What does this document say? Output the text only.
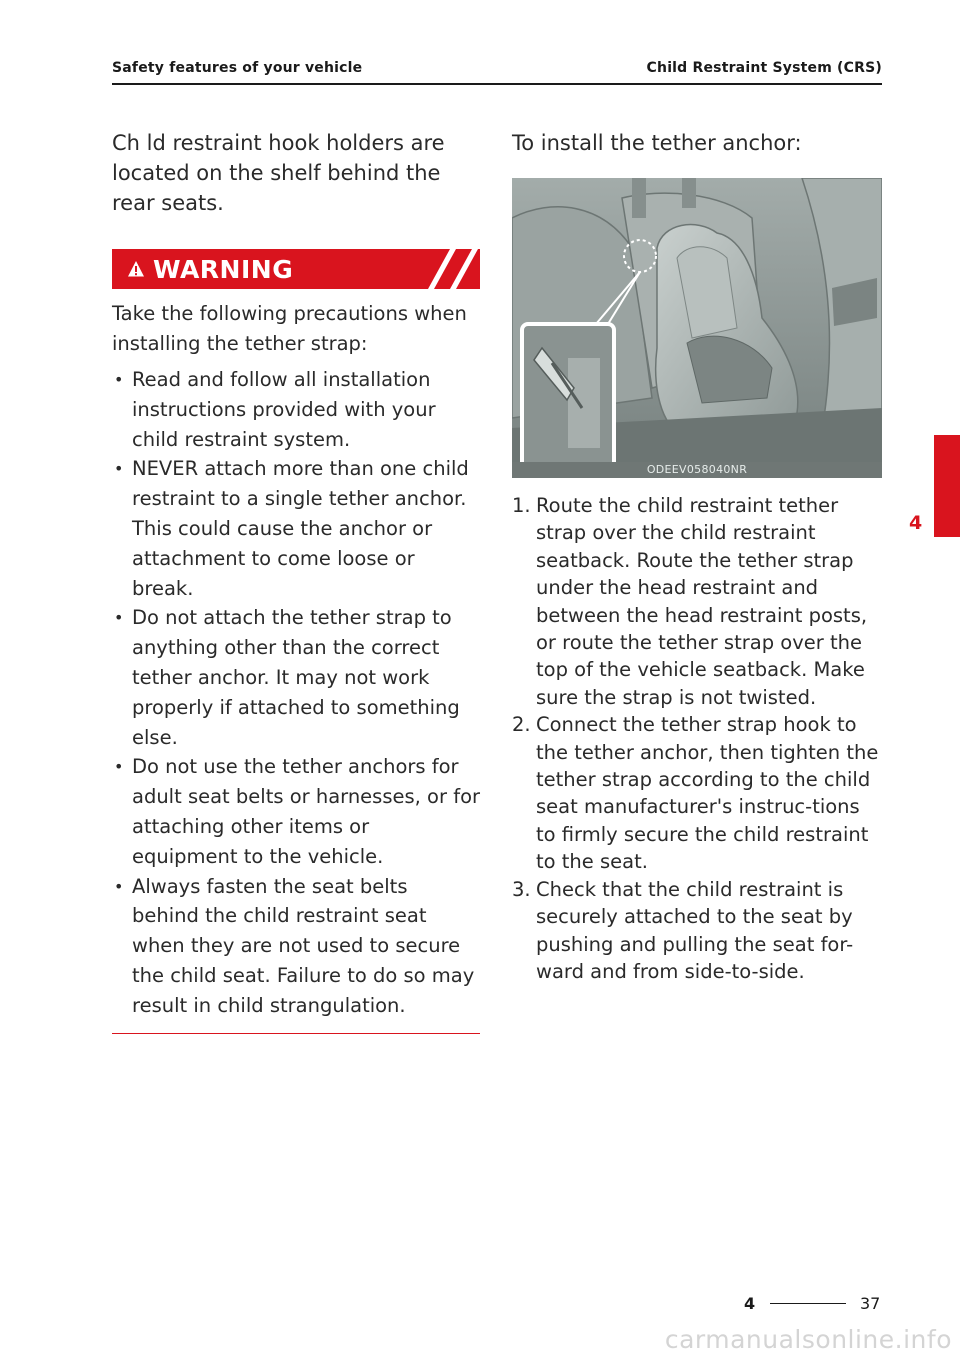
Safety features of your vehicle	Child Restraint System (CRS)

Ch ld restraint hook holders are located on the shelf behind the rear seats.

WARNING

Take the following precautions when installing the tether strap:

• Read and follow all installation instructions provided with your child restraint system.
• NEVER attach more than one child restraint to a single tether anchor. This could cause the anchor or attachment to come loose or break.
• Do not attach the tether strap to anything other than the correct tether anchor. It may not work properly if attached to something else.
• Do not use the tether anchors for adult seat belts or harnesses, or for attaching other items or equipment to the vehicle.
• Always fasten the seat belts behind the child restraint seat when they are not used to secure the child seat. Failure to do so may result in child strangulation.

To install the tether anchor:

ODEEV058040NR
1. Route the child restraint tether strap over the child restraint seatback. Route the tether strap under the head restraint and between the head restraint posts, or route the tether strap over the top of the vehicle seatback. Make sure the strap is not twisted.
2. Connect the tether strap hook to the tether anchor, then tighten the tether strap according to the child seat manufacturer's instruc-tions to firmly secure the child restraint to the seat.
3. Check that the child restraint is securely attached to the seat by pushing and pulling the seat for-ward and from side-to-side.
4
4	37
carmanualsonline.info
